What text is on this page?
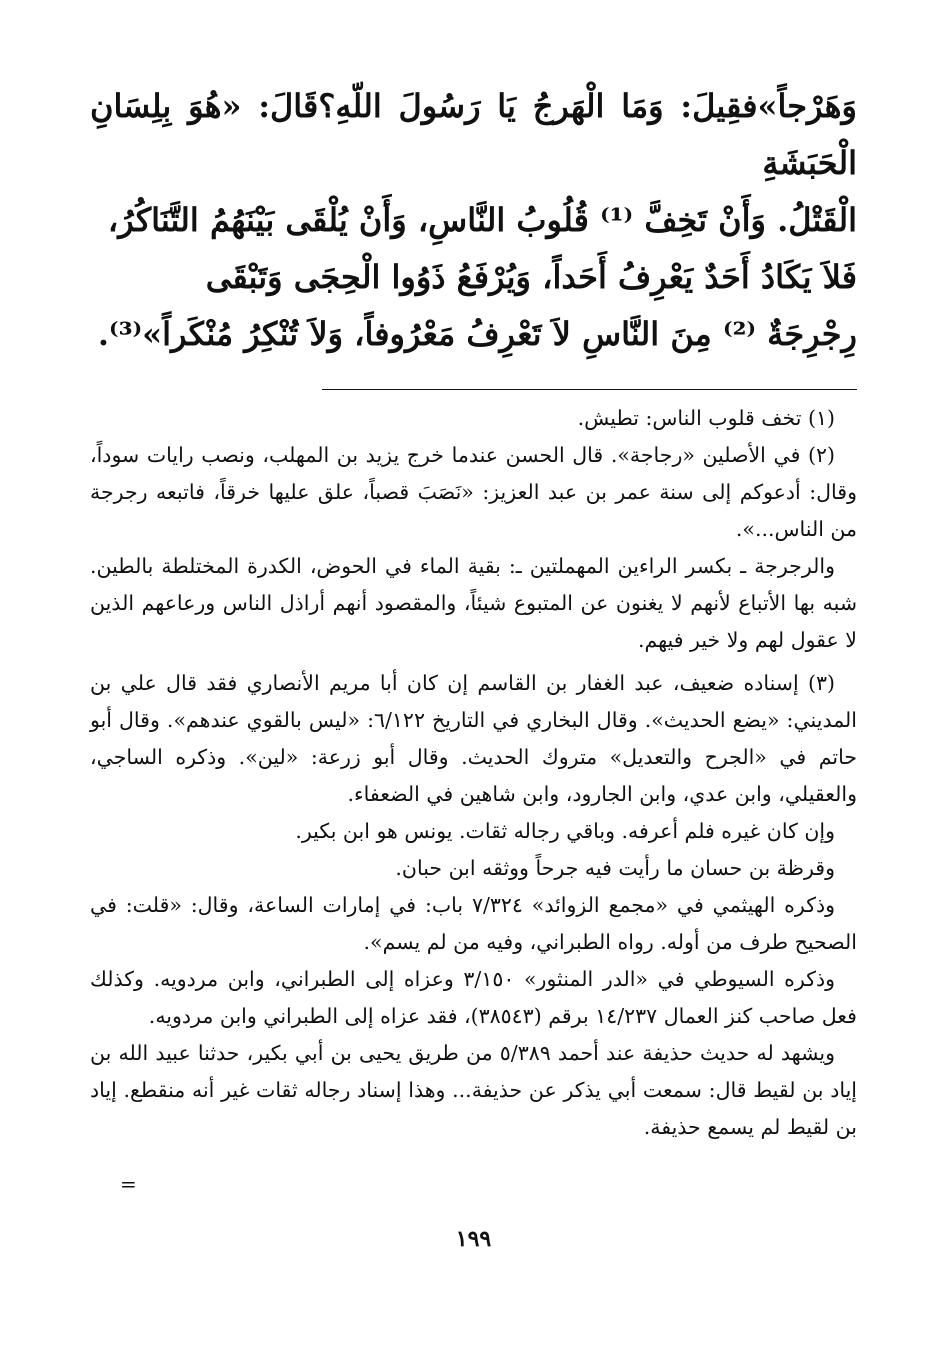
وَهَرْجاً»فقِيلَ: وَمَا الْهَرجُ يَا رَسُولَ اللّهِ؟قَالَ: «هُوَ بِلِسَانِ الْحَبَشَةِ

الْقَتْلُ. وَأَنْ تَخِفَّ ⁽¹⁾ قُلُوبُ النَّاسِ، وَأَنْ يُلْقَى بَيْنَهُمُ التَّنَاكُرُ،

فَلاَ يَكَادُ أَحَدٌ يَعْرِفُ أَحَداً، وَيُرْفَعُ ذَوُوا الْحِجَى وَتَبْقَى

رِجْرِجَةٌ ⁽²⁾ مِنَ النَّاسِ لاَ تَعْرِفُ مَعْرُوفاً، وَلاَ تُنْكِرُ مُنْكَراً»⁽³⁾.

(١) تخف قلوب الناس: تطيش.

(٢) في الأصلين «رجاجة». قال الحسن عندما خرج يزيد بن المهلب، ونصب رايات سوداً، وقال: أدعوكم إلى سنة عمر بن عبد العزيز: «نَصَبَ قصباً، علق عليها خرقاً، فاتبعه رجرجة من الناس...».

والرجرجة ـ بكسر الراءين المهملتين ـ: بقية الماء في الحوض، الكدرة المختلطة بالطين. شبه بها الأتباع لأنهم لا يغنون عن المتبوع شيئاً، والمقصود أنهم أراذل الناس ورعاعهم الذين لا عقول لهم ولا خير فيهم.

(٣) إسناده ضعيف، عبد الغفار بن القاسم إن كان أبا مريم الأنصاري فقد قال علي بن المديني: «يضع الحديث». وقال البخاري في التاريخ ٦/١٢٢: «ليس بالقوي عندهم». وقال أبو حاتم في «الجرح والتعديل» متروك الحديث. وقال أبو زرعة: «لين». وذكره الساجي، والعقيلي، وابن عدي، وابن الجارود، وابن شاهين في الضعفاء.

وإن كان غيره فلم أعرفه. وباقي رجاله ثقات. يونس هو ابن بكير.

وقرظة بن حسان ما رأيت فيه جرحاً ووثقه ابن حبان.

وذكره الهيثمي في «مجمع الزوائد» ٧/٣٢٤ باب: في إمارات الساعة، وقال: «قلت: في الصحيح طرف من أوله. رواه الطبراني، وفيه من لم يسم».

وذكره السيوطي في «الدر المنثور» ٣/١٥٠ وعزاه إلى الطبراني، وابن مردويه. وكذلك فعل صاحب كنز العمال ١٤/٢٣٧ برقم (٣٨٥٤٣)، فقد عزاه إلى الطبراني وابن مردويه.

ويشهد له حديث حذيفة عند أحمد ٥/٣٨٩ من طريق يحيى بن أبي بكير، حدثنا عبيد الله بن إياد بن لقيط قال: سمعت أبي يذكر عن حذيفة... وهذا إسناد رجاله ثقات غير أنه منقطع. إياد بن لقيط لم يسمع حذيفة.

=
١٩٩
